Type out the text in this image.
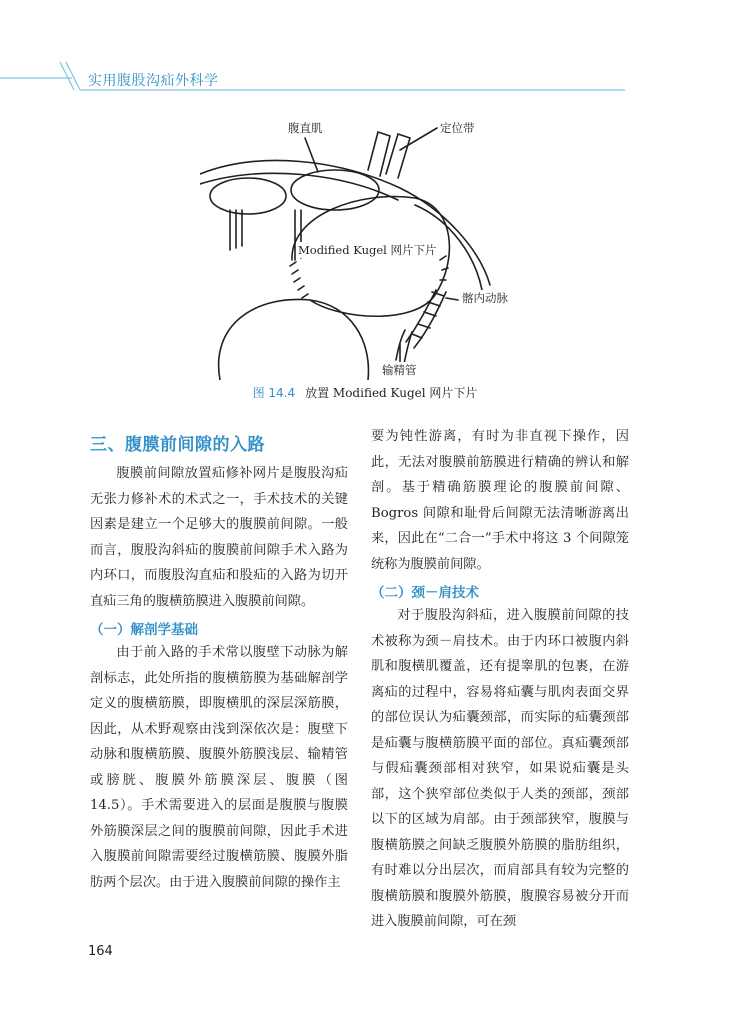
实用腹股沟疝外科学
腹直肌	定位带
Modified Kugel 网片下片
髂内动脉
输精管
图 14.4 放置 Modified Kugel 网片下片
三、腹膜前间隙的入路

腹膜前间隙放置疝修补网片是腹股沟疝无张力修补术的术式之一，手术技术的关键因素是建立一个足够大的腹膜前间隙。一般而言，腹股沟斜疝的腹膜前间隙手术入路为内环口，而腹股沟直疝和股疝的入路为切开直疝三角的腹横筋膜进入腹膜前间隙。

（一）解剖学基础

由于前入路的手术常以腹壁下动脉为解剖标志，此处所指的腹横筋膜为基础解剖学定义的腹横筋膜，即腹横肌的深层深筋膜，因此，从术野观察由浅到深依次是：腹壁下动脉和腹横筋膜、腹膜外筋膜浅层、输精管或膀胱、腹膜外筋膜深层、腹膜（图 14.5）。手术需要进入的层面是腹膜与腹膜外筋膜深层之间的腹膜前间隙，因此手术进入腹膜前间隙需要经过腹横筋膜、腹膜外脂肪两个层次。由于进入腹膜前间隙的操作主

要为钝性游离，有时为非直视下操作，因此，无法对腹膜前筋膜进行精确的辨认和解剖。基于精确筋膜理论的腹膜前间隙、Bogros 间隙和耻骨后间隙无法清晰游离出来，因此在“二合一”手术中将这 3 个间隙笼统称为腹膜前间隙。

（二）颈－肩技术

对于腹股沟斜疝，进入腹膜前间隙的技术被称为颈－肩技术。由于内环口被腹内斜肌和腹横肌覆盖，还有提睾肌的包裹，在游离疝的过程中，容易将疝囊与肌肉表面交界的部位误认为疝囊颈部，而实际的疝囊颈部是疝囊与腹横筋膜平面的部位。真疝囊颈部与假疝囊颈部相对狭窄，如果说疝囊是头部，这个狭窄部位类似于人类的颈部，颈部以下的区域为肩部。由于颈部狭窄，腹膜与腹横筋膜之间缺乏腹膜外筋膜的脂肪组织，有时难以分出层次，而肩部具有较为完整的腹横筋膜和腹膜外筋膜，腹膜容易被分开而进入腹膜前间隙，可在颈

164
